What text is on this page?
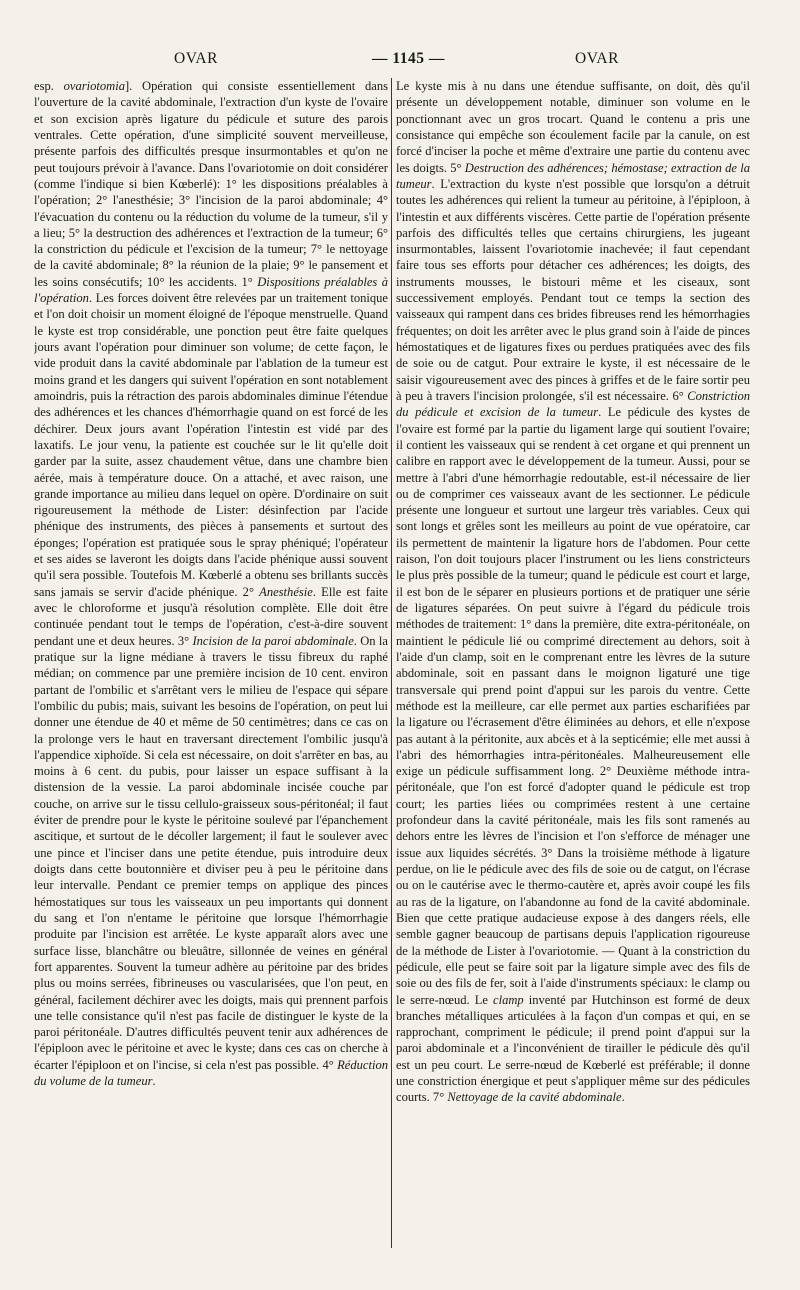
OVAR	— 1145 —	OVAR

esp. ovariotomia]. Opération qui consiste essentiellement dans l'ouverture de la cavité abdominale, l'extraction d'un kyste de l'ovaire et son excision après ligature du pédicule et suture des parois ventrales. Cette opération, d'une simplicité souvent merveilleuse, présente parfois des difficultés presque insurmontables et qu'on ne peut toujours prévoir à l'avance. Dans l'ovariotomie on doit considérer (comme l'indique si bien Kœberlé): 1° les dispositions préalables à l'opération; 2° l'anesthésie; 3° l'incision de la paroi abdominale; 4° l'évacuation du contenu ou la réduction du volume de la tumeur, s'il y a lieu; 5° la destruction des adhérences et l'extraction de la tumeur; 6° la constriction du pédicule et l'excision de la tumeur; 7° le nettoyage de la cavité abdominale; 8° la réunion de la plaie; 9° le pansement et les soins consécutifs; 10° les accidents. 1° Dispositions préalables à l'opération. Les forces doivent être relevées par un traitement tonique et l'on doit choisir un moment éloigné de l'époque menstruelle. Quand le kyste est trop considérable, une ponction peut être faite quelques jours avant l'opération pour diminuer son volume; de cette façon, le vide produit dans la cavité abdominale par l'ablation de la tumeur est moins grand et les dangers qui suivent l'opération en sont notablement amoindris, puis la rétraction des parois abdominales diminue l'étendue des adhérences et les chances d'hémorrhagie quand on est forcé de les déchirer. Deux jours avant l'opération l'intestin est vidé par des laxatifs. Le jour venu, la patiente est couchée sur le lit qu'elle doit garder par la suite, assez chaudement vêtue, dans une chambre bien aérée, mais à température douce. On a attaché, et avec raison, une grande importance au milieu dans lequel on opère. D'ordinaire on suit rigoureusement la méthode de Lister: désinfection par l'acide phénique des instruments, des pièces à pansements et surtout des éponges; l'opération est pratiquée sous le spray phéniqué; l'opérateur et ses aides se laveront les doigts dans l'acide phénique aussi souvent qu'il sera possible. Toutefois M. Kœberlé a obtenu ses brillants succès sans jamais se servir d'acide phénique. 2° Anesthésie. Elle est faite avec le chloroforme et jusqu'à résolution complète. Elle doit être continuée pendant tout le temps de l'opération, c'est-à-dire souvent pendant une et deux heures. 3° Incision de la paroi abdominale. On la pratique sur la ligne médiane à travers le tissu fibreux du raphé médian; on commence par une première incision de 10 cent. environ partant de l'ombilic et s'arrêtant vers le milieu de l'espace qui sépare l'ombilic du pubis; mais, suivant les besoins de l'opération, on peut lui donner une étendue de 40 et même de 50 centimètres; dans ce cas on la prolonge vers le haut en traversant directement l'ombilic jusqu'à l'appendice xiphoïde. Si cela est nécessaire, on doit s'arrêter en bas, au moins à 6 cent. du pubis, pour laisser un espace suffisant à la distension de la vessie. La paroi abdominale incisée couche par couche, on arrive sur le tissu cellulo-graisseux sous-péritonéal; il faut éviter de prendre pour le kyste le péritoine soulevé par l'épanchement ascitique, et surtout de le décoller largement; il faut le soulever avec une pince et l'inciser dans une petite étendue, puis introduire deux doigts dans cette boutonnière et diviser peu à peu le péritoine dans leur intervalle. Pendant ce premier temps on applique des pinces hémostatiques sur tous les vaisseaux un peu importants qui donnent du sang et l'on n'entame le péritoine que lorsque l'hémorrhagie produite par l'incision est arrêtée. Le kyste apparaît alors avec une surface lisse, blanchâtre ou bleuâtre, sillonnée de veines en général fort apparentes. Souvent la tumeur adhère au péritoine par des brides plus ou moins serrées, fibrineuses ou vascularisées, que l'on peut, en général, facilement déchirer avec les doigts, mais qui prennent parfois une telle consistance qu'il n'est pas facile de distinguer le kyste de la paroi péritonéale. D'autres difficultés peuvent tenir aux adhérences de l'épiploon avec le péritoine et avec le kyste; dans ces cas on cherche à écarter l'épiploon et on l'incise, si cela n'est pas possible. 4° Réduction du volume de la tumeur.

Le kyste mis à nu dans une étendue suffisante, on doit, dès qu'il présente un développement notable, diminuer son volume en le ponctionnant avec un gros trocart. Quand le contenu a pris une consistance qui empêche son écoulement facile par la canule, on est forcé d'inciser la poche et même d'extraire une partie du contenu avec les doigts. 5° Destruction des adhérences; hémostase; extraction de la tumeur. L'extraction du kyste n'est possible que lorsqu'on a détruit toutes les adhérences qui relient la tumeur au péritoine, à l'épiploon, à l'intestin et aux différents viscères. Cette partie de l'opération présente parfois des difficultés telles que certains chirurgiens, les jugeant insurmontables, laissent l'ovariotomie inachevée; il faut cependant faire tous ses efforts pour détacher ces adhérences; les doigts, des instruments mousses, le bistouri même et les ciseaux, sont successivement employés. Pendant tout ce temps la section des vaisseaux qui rampent dans ces brides fibreuses rend les hémorrhagies fréquentes; on doit les arrêter avec le plus grand soin à l'aide de pinces hémostatiques et de ligatures fixes ou perdues pratiquées avec des fils de soie ou de catgut. Pour extraire le kyste, il est nécessaire de le saisir vigoureusement avec des pinces à griffes et de le faire sortir peu à peu à travers l'incision prolongée, s'il est nécessaire. 6° Constriction du pédicule et excision de la tumeur. Le pédicule des kystes de l'ovaire est formé par la partie du ligament large qui soutient l'ovaire; il contient les vaisseaux qui se rendent à cet organe et qui prennent un calibre en rapport avec le développement de la tumeur. Aussi, pour se mettre à l'abri d'une hémorrhagie redoutable, est-il nécessaire de lier ou de comprimer ces vaisseaux avant de les sectionner. Le pédicule présente une longueur et surtout une largeur très variables. Ceux qui sont longs et grêles sont les meilleurs au point de vue opératoire, car ils permettent de maintenir la ligature hors de l'abdomen. Pour cette raison, l'on doit toujours placer l'instrument ou les liens constricteurs le plus près possible de la tumeur; quand le pédicule est court et large, il est bon de le séparer en plusieurs portions et de pratiquer une série de ligatures séparées. On peut suivre à l'égard du pédicule trois méthodes de traitement: 1° dans la première, dite extra-péritonéale, on maintient le pédicule lié ou comprimé directement au dehors, soit à l'aide d'un clamp, soit en le comprenant entre les lèvres de la suture abdominale, soit en passant dans le moignon ligaturé une tige transversale qui prend point d'appui sur les parois du ventre. Cette méthode est la meilleure, car elle permet aux parties escharifiées par la ligature ou l'écrasement d'être éliminées au dehors, et elle n'expose pas autant à la péritonite, aux abcès et à la septicémie; elle met aussi à l'abri des hémorrhagies intra-péritonéales. Malheureusement elle exige un pédicule suffisamment long. 2° Deuxième méthode intra-péritonéale, que l'on est forcé d'adopter quand le pédicule est trop court; les parties liées ou comprimées restent à une certaine profondeur dans la cavité péritonéale, mais les fils sont ramenés au dehors entre les lèvres de l'incision et l'on s'efforce de ménager une issue aux liquides sécrétés. 3° Dans la troisième méthode à ligature perdue, on lie le pédicule avec des fils de soie ou de catgut, on l'écrase ou on le cautérise avec le thermo-cautère et, après avoir coupé les fils au ras de la ligature, on l'abandonne au fond de la cavité abdominale. Bien que cette pratique audacieuse expose à des dangers réels, elle semble gagner beaucoup de partisans depuis l'application rigoureuse de la méthode de Lister à l'ovariotomie. — Quant à la constriction du pédicule, elle peut se faire soit par la ligature simple avec des fils de soie ou des fils de fer, soit à l'aide d'instruments spéciaux: le clamp ou le serre-nœud. Le clamp inventé par Hutchinson est formé de deux branches métalliques articulées à la façon d'un compas et qui, en se rapprochant, compriment le pédicule; il prend point d'appui sur la paroi abdominale et a l'inconvénient de tirailler le pédicule dès qu'il est un peu court. Le serre-nœud de Kœberlé est préférable; il donne une constriction énergique et peut s'appliquer même sur des pédicules courts. 7° Nettoyage de la cavité abdominale.
